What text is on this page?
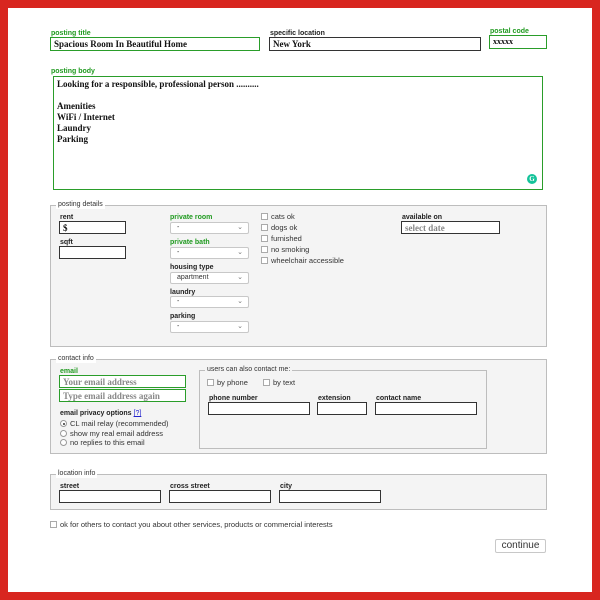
posting title
Spacious Room In Beautiful Home
specific location
New York
postal code
xxxxx
posting body
Looking for a responsible, professional person ..........
Amenities
WiFi / Internet
Laundry
Parking
G
posting details
rent
$
sqft
private room
-	⌄
private bath
-	⌄
housing type
apartment	⌄
laundry
-	⌄
parking
-	⌄
cats ok
dogs ok
furnished
no smoking
wheelchair accessible
available on
select date
contact info
email
Your email address
Type email address again
email privacy options [?]
CL mail relay (recommended)
show my real email address
no replies to this email
users can also contact me:
by phone	by text
phone number	extension	contact name
location info
street	cross street	city
ok for others to contact you about other services, products or commercial interests
continue
